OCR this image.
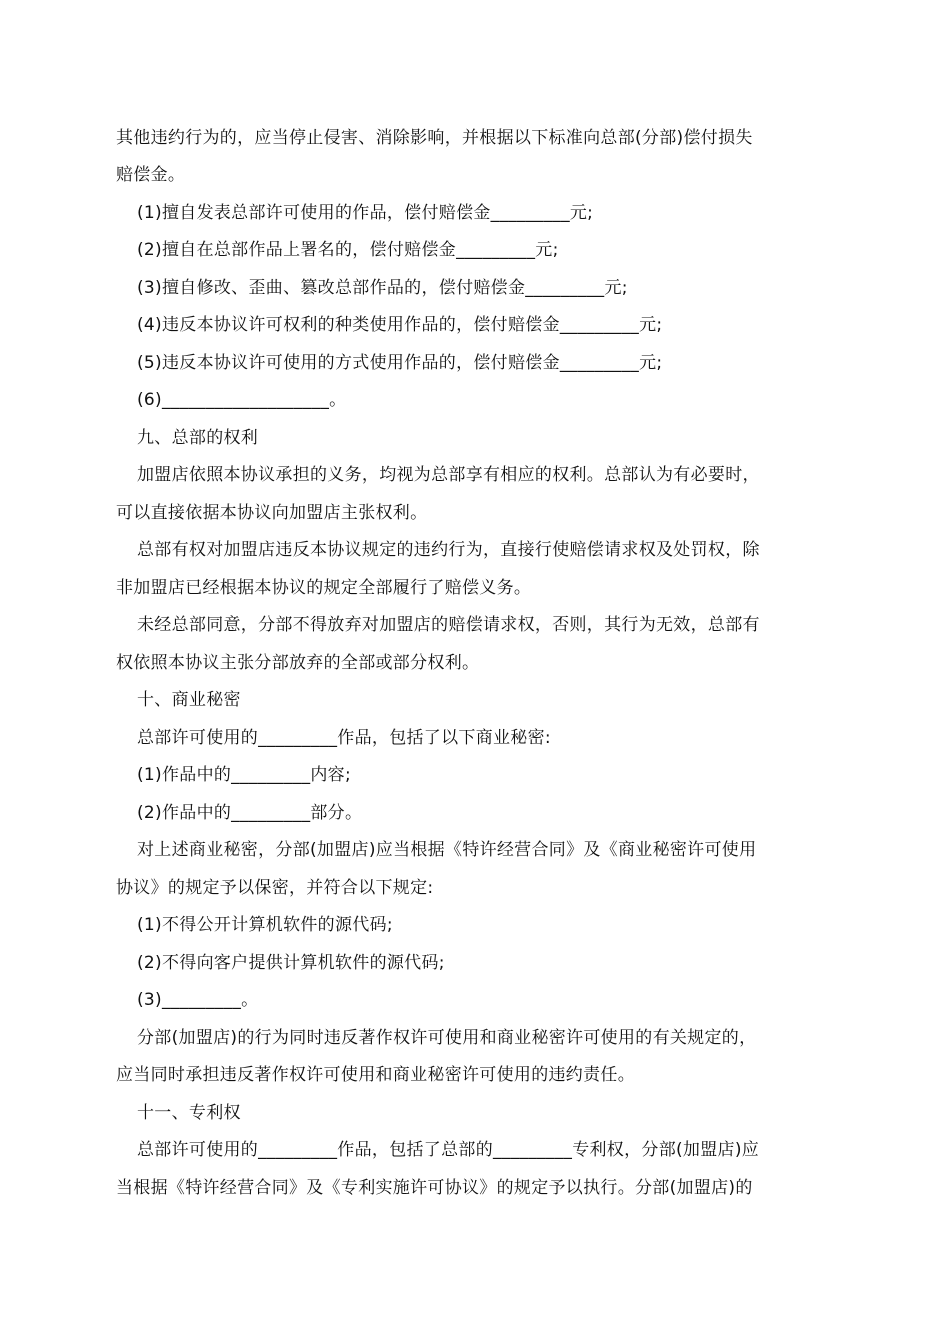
其他违约行为的，应当停止侵害、消除影响，并根据以下标准向总部(分部)偿付损失
赔偿金。
(1)擅自发表总部许可使用的作品，偿付赔偿金_________元;
(2)擅自在总部作品上署名的，偿付赔偿金_________元;
(3)擅自修改、歪曲、篡改总部作品的，偿付赔偿金_________元;
(4)违反本协议许可权利的种类使用作品的，偿付赔偿金_________元;
(5)违反本协议许可使用的方式使用作品的，偿付赔偿金_________元;
(6)___________________。
九、总部的权利
加盟店依照本协议承担的义务，均视为总部享有相应的权利。总部认为有必要时，
可以直接依据本协议向加盟店主张权利。
总部有权对加盟店违反本协议规定的违约行为，直接行使赔偿请求权及处罚权，除
非加盟店已经根据本协议的规定全部履行了赔偿义务。
未经总部同意，分部不得放弃对加盟店的赔偿请求权，否则，其行为无效，总部有
权依照本协议主张分部放弃的全部或部分权利。
十、商业秘密
总部许可使用的_________作品，包括了以下商业秘密:
(1)作品中的_________内容;
(2)作品中的_________部分。
对上述商业秘密，分部(加盟店)应当根据《特许经营合同》及《商业秘密许可使用
协议》的规定予以保密，并符合以下规定:
(1)不得公开计算机软件的源代码;
(2)不得向客户提供计算机软件的源代码;
(3)_________。
分部(加盟店)的行为同时违反著作权许可使用和商业秘密许可使用的有关规定的，
应当同时承担违反著作权许可使用和商业秘密许可使用的违约责任。
十一、专利权
总部许可使用的_________作品，包括了总部的_________专利权，分部(加盟店)应
当根据《特许经营合同》及《专利实施许可协议》的规定予以执行。分部(加盟店)的
